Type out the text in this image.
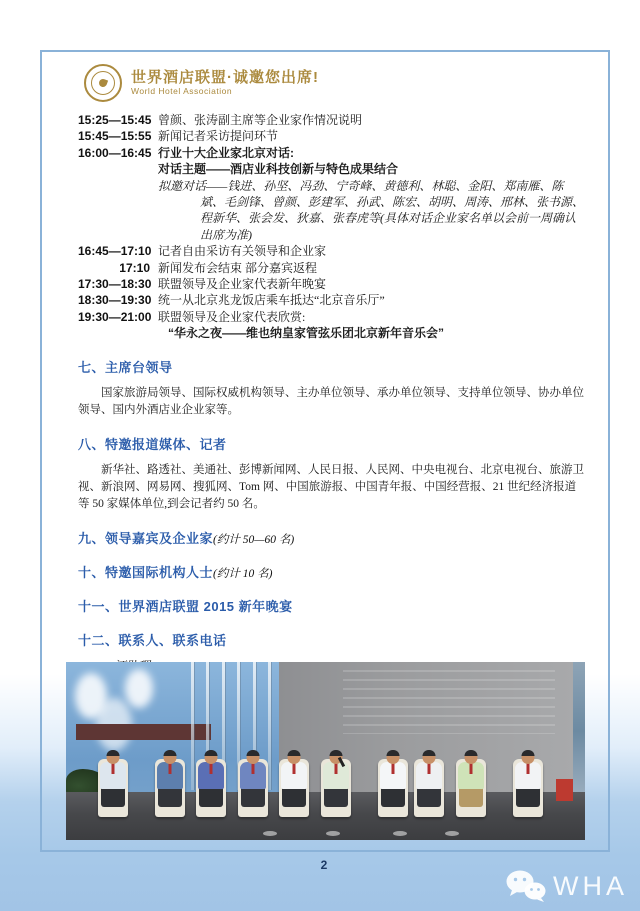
世界酒店联盟·诚邀您出席!
World Hotel Association
15:25—15:45 曾颜、张涛副主席等企业家作情况说明
15:45—15:55 新闻记者采访提问环节
16:00—16:45 行业十大企业家北京对话:
对话主题——酒店业科技创新与特色成果结合
拟邀对话——钱进、孙坚、冯劲、宁奇峰、黄德利、林聪、金阳、郑南雁、陈斌、毛剑锋、曾颜、彭建军、孙武、陈宏、胡明、周涛、邢林、张书源、程新华、张会发、狄嘉、张春虎等(具体对话企业家名单以会前一周确认出席为准)
16:45—17:10 记者自由采访有关领导和企业家
17:10 新闻发布会结束 部分嘉宾返程
17:30—18:30 联盟领导及企业家代表新年晚宴
18:30—19:30 统一从北京兆龙饭店乘车抵达“北京音乐厅”
19:30—21:00 联盟领导及企业家代表欣赏:
“华永之夜——维也纳皇家管弦乐团北京新年音乐会”
七、主席台领导
国家旅游局领导、国际权威机构领导、主办单位领导、承办单位领导、支持单位领导、协办单位领导、国内外酒店业企业家等。
八、特邀报道媒体、记者
新华社、路透社、美通社、彭博新闻网、人民日报、人民网、中央电视台、北京电视台、旅游卫视、新浪网、网易网、搜狐网、Tom 网、中国旅游报、中国青年报、中国经营报、21 世纪经济报道等 50 家媒体单位,到会记者约 50 名。
九、领导嘉宾及企业家(约计 50—60 名)
十、特邀国际机构人士(约计 10 名)
十一、世界酒店联盟 2015 新年晚宴
十二、联系人、联系电话
2
WHA
